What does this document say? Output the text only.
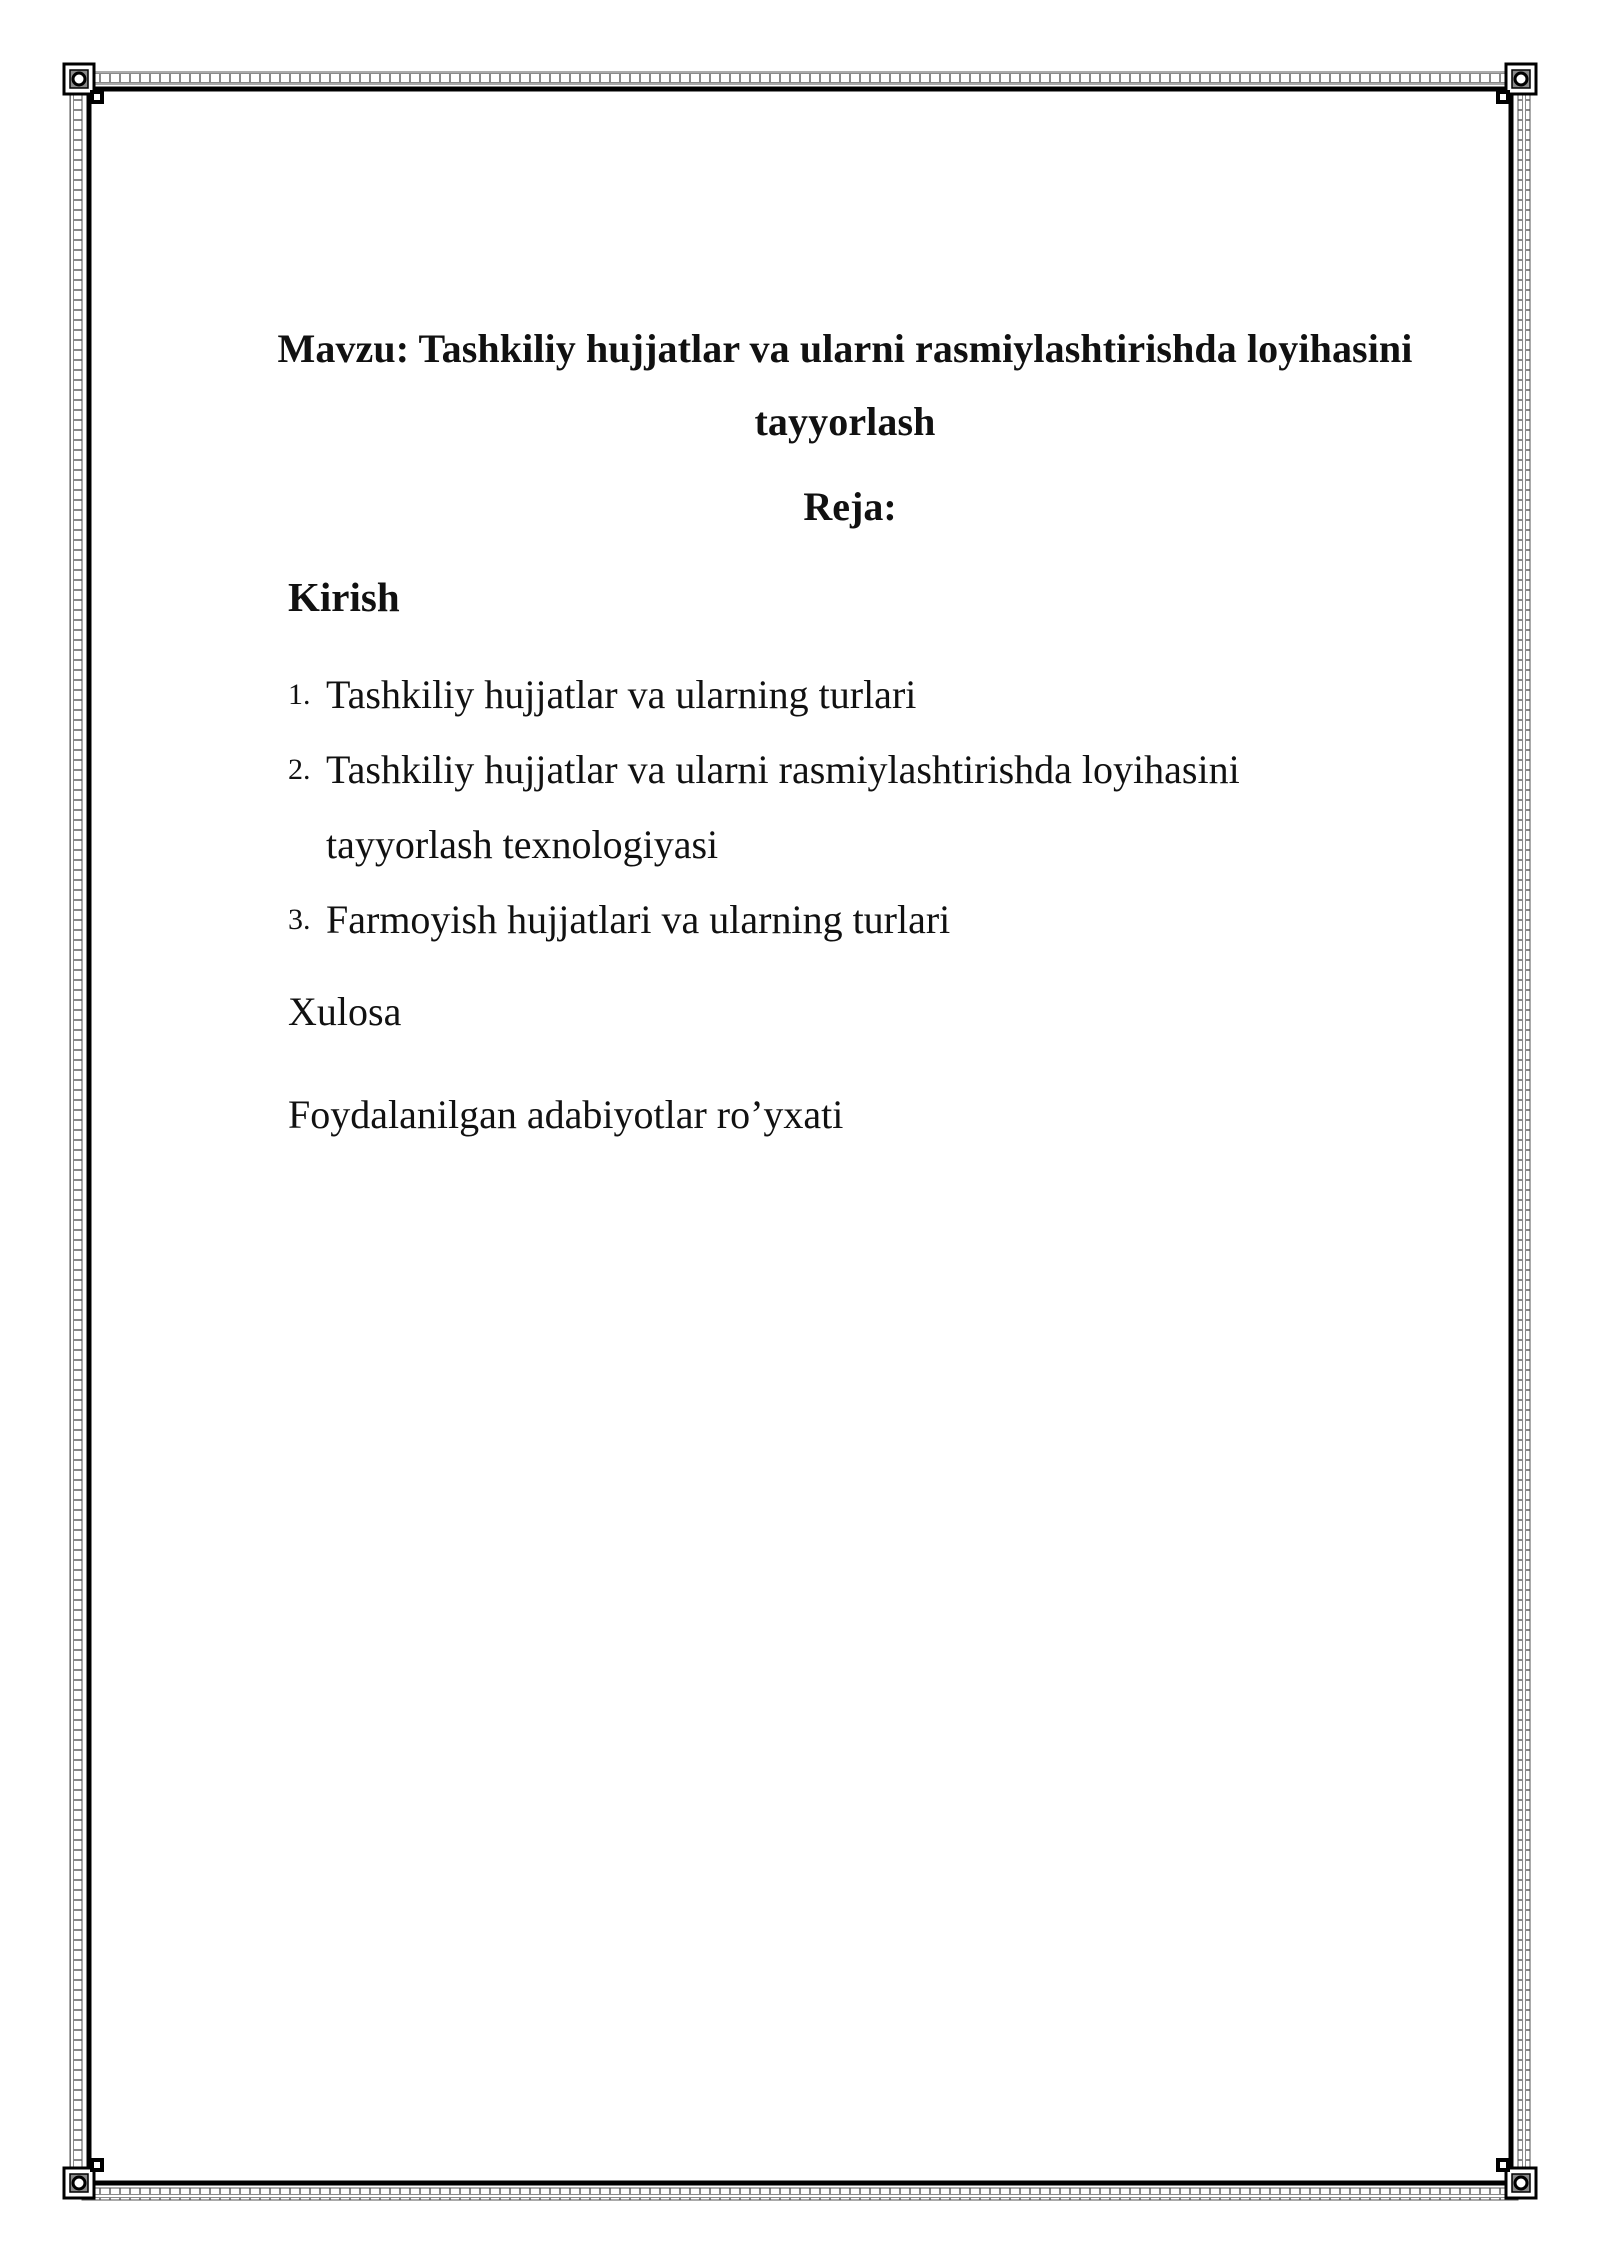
Mavzu: Tashkiliy hujjatlar va ularni rasmiylashtirishda loyihasini tayyorlash
Reja:

Kirish

1. Tashkiliy hujjatlar va ularning turlari
2. Tashkiliy hujjatlar va ularni rasmiylashtirishda loyihasini tayyorlash texnologiyasi
3. Farmoyish hujjatlari va ularning turlari

Xulosa

Foydalanilgan adabiyotlar ro’yxati
